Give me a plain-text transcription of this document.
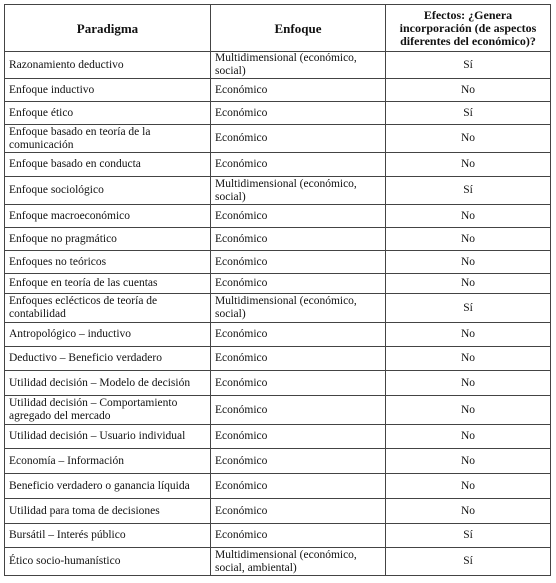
Paradigma	Enfoque	Efectos: ¿Genera incorporación (de aspectos diferentes del económico)?
Razonamiento deductivo	Multidimensional (económico, social)	Sí
Enfoque inductivo	Económico	No
Enfoque ético	Económico	Sí
Enfoque basado en teoría de la comunicación	Económico	No
Enfoque basado en conducta	Económico	No
Enfoque sociológico	Multidimensional (económico, social)	Sí
Enfoque macroeconómico	Económico	No
Enfoque no pragmático	Económico	No
Enfoques no teóricos	Económico	No
Enfoque en teoría de las cuentas	Económico	No
Enfoques eclécticos de teoría de contabilidad	Multidimensional (económico, social)	Sí
Antropológico – inductivo	Económico	No
Deductivo – Beneficio verdadero	Económico	No
Utilidad decisión – Modelo de decisión	Económico	No
Utilidad decisión – Comportamiento agregado del mercado	Económico	No
Utilidad decisión – Usuario individual	Económico	No
Economía – Información	Económico	No
Beneficio verdadero o ganancia líquida	Económico	No
Utilidad para toma de decisiones	Económico	No
Bursátil – Interés público	Económico	Sí
Ético socio-humanístico	Multidimensional (económico, social, ambiental)	Sí
